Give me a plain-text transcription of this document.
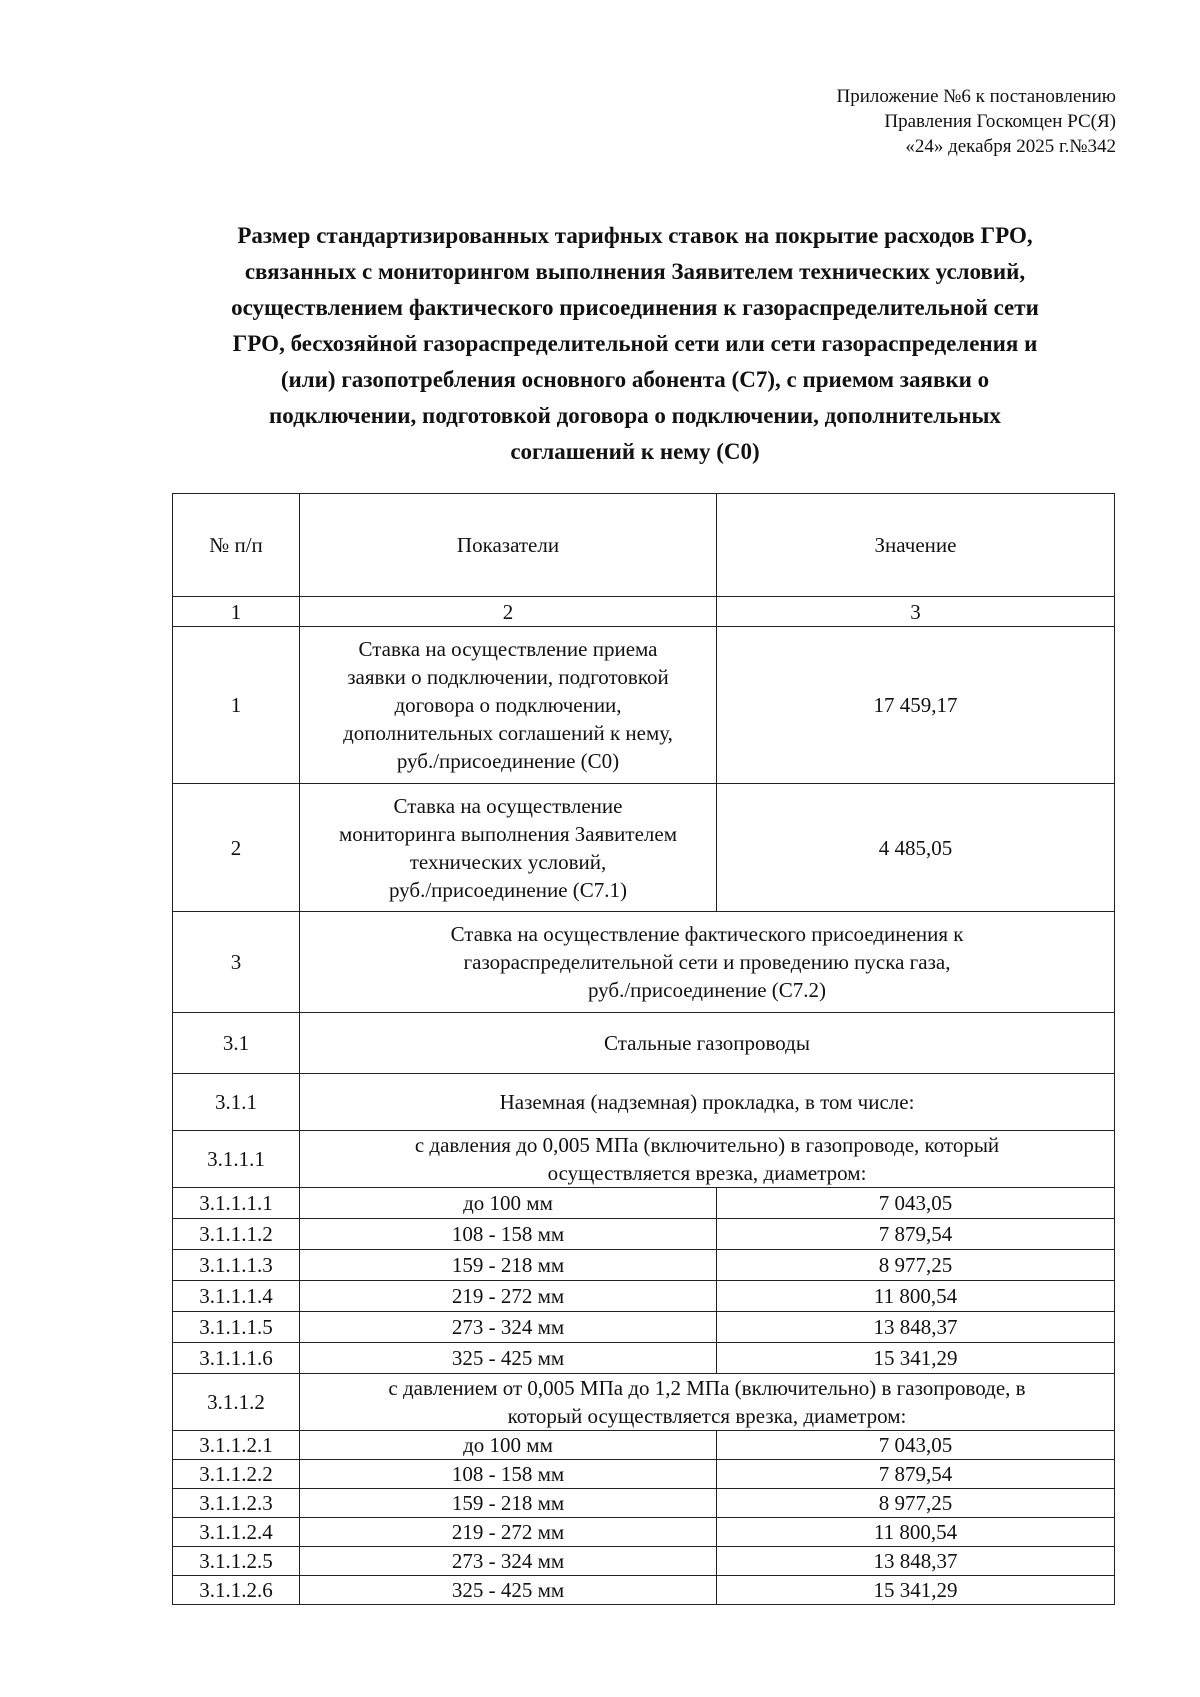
Приложение №6 к постановлению
Правления Госкомцен РС(Я)
«24» декабря 2025 г.№342
Размер стандартизированных тарифных ставок на покрытие расходов ГРО,
связанных с мониторингом выполнения Заявителем технических условий,
осуществлением фактического присоединения к газораспределительной сети
ГРО, бесхозяйной газораспределительной сети или сети газораспределения и
(или) газопотребления основного абонента (С7), с приемом заявки о
подключении, подготовкой договора о подключении, дополнительных
соглашений к нему (С0)
№ п/п	Показатели	Значение
1	2	3
1	Ставка на осуществление приема
заявки о подключении, подготовкой
договора о подключении,
дополнительных соглашений к нему,
руб./присоединение (С0)	17 459,17
2	Ставка на осуществление
мониторинга выполнения Заявителем
технических условий,
руб./присоединение (С7.1)	4 485,05
3	Ставка на осуществление фактического присоединения к
газораспределительной сети и проведению пуска газа,
руб./присоединение (С7.2)	

3.1	Стальные газопроводы	
3.1.1	Наземная (надземная) прокладка, в том числе:	
3.1.1.1	с давления до 0,005 МПа (включительно) в газопроводе, который
осуществляется врезка, диаметром:	

3.1.1.1.1	до 100 мм	7 043,05
3.1.1.1.2	108 - 158 мм	7 879,54
3.1.1.1.3	159 - 218 мм	8 977,25
3.1.1.1.4	219 - 272 мм	11 800,54
3.1.1.1.5	273 - 324 мм	13 848,37
3.1.1.1.6	325 - 425 мм	15 341,29
3.1.1.2	с давлением от 0,005 МПа до 1,2 МПа (включительно) в газопроводе, в
который осуществляется врезка, диаметром:	

3.1.1.2.1	до 100 мм	7 043,05
3.1.1.2.2	108 - 158 мм	7 879,54
3.1.1.2.3	159 - 218 мм	8 977,25
3.1.1.2.4	219 - 272 мм	11 800,54
3.1.1.2.5	273 - 324 мм	13 848,37
3.1.1.2.6	325 - 425 мм	15 341,29
